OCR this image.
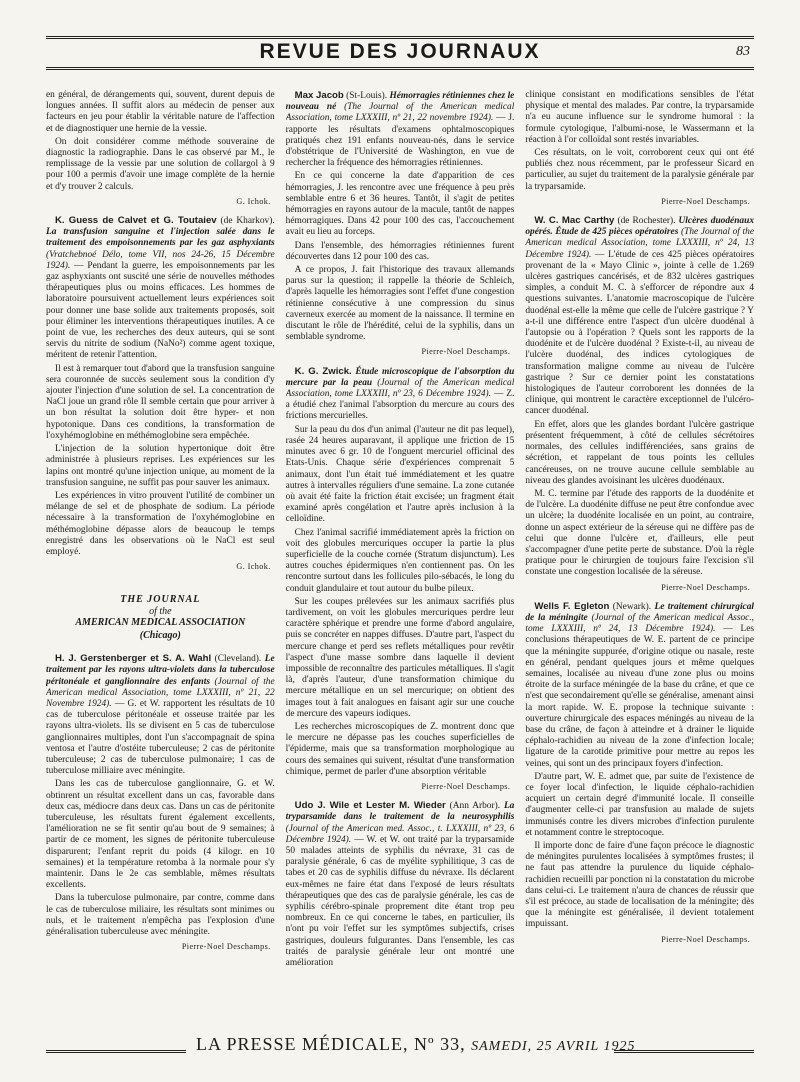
REVUE DES JOURNAUX	83

en général, de dérangements qui, souvent, durent depuis de longues années. Il suffit alors au médecin de penser aux facteurs en jeu pour établir la véritable nature de l'affection et de diagnostiquer une hernie de la vessie.

On doit considérer comme méthode souveraine de diagnostic la radiographie. Dans le cas observé par M., le remplissage de la vessie par une solution de collargol à 9 pour 100 a permis d'avoir une image complète de la hernie et d'y trouver 2 calculs.

G. Ichok.

K. Guess de Calvet et G. Toutaiev (de Kharkov). La transfusion sanguine et l'injection salée dans le traitement des empoisonnements par les gaz asphyxiants (Vratchebnoé Délo, tome VII, nos 24-26, 15 Décembre 1924). — Pendant la guerre, les empoisonnements par les gaz asphyxiants ont suscité une série de nouvelles méthodes thérapeutiques plus ou moins efficaces. Les hommes de laboratoire poursuivent actuellement leurs expériences soit pour donner une base solide aux traitements proposés, soit pour éliminer les interventions thérapeutiques inutiles. A ce point de vue, les recherches des deux auteurs, qui se sont servis du nitrite de sodium (NaNo²) comme agent toxique, méritent de retenir l'attention.

Il est à remarquer tout d'abord que la transfusion sanguine sera couronnée de succès seulement sous la condition d'y ajouter l'injection d'une solution de sel. La concentration de NaCl joue un grand rôle Il semble certain que pour arriver à un bon résultat la solution doit être hyper- et non hypotonique. Dans ces conditions, la transformation de l'oxyhémoglobine en méthémoglobine sera empêchée.

L'injection de la solution hypertonique doit être administrée à plusieurs reprises. Les expériences sur les lapins ont montré qu'une injection unique, au moment de la transfusion sanguine, ne suffit pas pour sauver les animaux.

Les expériences in vitro prouvent l'utilité de combiner un mélange de sel et de phosphate de sodium. La période nécessaire à la transformation de l'oxyhémoglobine en méthémoglobine dépasse alors de beaucoup le temps enregistré dans les observations où le NaCl est seul employé.

G. Ichok.
THE JOURNAL
of the
AMERICAN MEDICAL ASSOCIATION
(Chicago)

H. J. Gerstenberger et S. A. Wahl (Cleveland). Le traitement par les rayons ultra-violets dans la tuberculose péritonéale et ganglionnaire des enfants (Journal of the American medical Association, tome LXXXIII, nº 21, 22 Novembre 1924). — G. et W. rapportent les résultats de 10 cas de tuberculose péritonéale et osseuse traitée par les rayons ultra-violets. Ils se divisent en 5 cas de tuberculose ganglionnaires multiples, dont l'un s'accompagnait de spina ventosa et l'autre d'ostéite tuberculeuse; 2 cas de péritonite tuberculeuse; 2 cas de tuberculose pulmonaire; 1 cas de tuberculose milliaire avec méningite.

Dans les cas de tuberculose ganglionnaire, G. et W. obtinrent un résultat excellent dans un cas, favorable dans deux cas, médiocre dans deux cas. Dans un cas de péritonite tuberculeuse, les résultats furent également excellents, l'amélioration ne se fit sentir qu'au bout de 9 semaines; à partir de ce moment, les signes de péritonite tuberculeuse disparurent; l'enfant reprit du poids (4 kilogr. en 10 semaines) et la température retomba à la normale pour s'y maintenir. Dans le 2e cas semblable, mêmes résultats excellents.

Dans la tuberculose pulmonaire, par contre, comme dans le cas de tuberculose miliaire, les résultats sont minimes ou nuls, et le traitement n'empêcha pas l'explosion d'une généralisation tuberculeuse avec méningite.

Pierre-Noel Deschamps.

Max Jacob (St-Louis). Hémorragies rétiniennes chez le nouveau né (The Journal of the American medical Association, tome LXXXIII, nº 21, 22 novembre 1924). — J. rapporte les résultats d'examens ophtalmoscopiques pratiqués chez 191 enfants nouveau-nés, dans le service d'obstétrique de l'Université de Washington, en vue de rechercher la fréquence des hémorragies rétiniennes.

En ce qui concerne la date d'apparition de ces hémorragies, J. les rencontre avec une fréquence à peu près semblable entre 6 et 36 heures. Tantôt, il s'agit de petites hémorragies en rayons autour de la macule, tantôt de nappes hémorragiques. Dans 42 pour 100 des cas, l'accouchement avait eu lieu au forceps.

Dans l'ensemble, des hémorragies rétiniennes furent découvertes dans 12 pour 100 des cas.

A ce propos, J. fait l'historique des travaux allemands parus sur la question; il rappelle la théorie de Schleich, d'après laquelle les hémorragies sont l'effet d'une congestion rétinienne consécutive à une compression du sinus caverneux exercée au moment de la naissance. Il termine en discutant le rôle de l'hérédité, celui de la syphilis, dans un semblable syndrome.

Pierre-Noel Deschamps.

K. G. Zwick. Étude microscopique de l'absorption du mercure par la peau (Journal of the American medical Association, tome LXXXIII, nº 23, 6 Décembre 1924). — Z. a étudié chez l'animal l'absorption du mercure au cours des frictions mercurielles.

Sur la peau du dos d'un animal (l'auteur ne dit pas lequel), rasée 24 heures auparavant, il applique une friction de 15 minutes avec 6 gr. 10 de l'onguent mercuriel officinal des Etats-Unis. Chaque série d'expériences comprenait 5 animaux, dont l'un était tué immédiatement et les quatre autres à intervalles réguliers d'une semaine. La zone cutanée où avait été faite la friction était excisée; un fragment était examiné après congélation et l'autre après inclusion à la celloïdine.

Chez l'animal sacrifié immédiatement après la friction on voit des globules mercuriques occuper la partie la plus superficielle de la couche cornée (Stratum disjunctum). Les autres couches épidermiques n'en contiennent pas. On les rencontre surtout dans les follicules pilo-sébacés, le long du conduit glandulaire et tout autour du bulbe pileux.

Sur les coupes prélevées sur les animaux sacrifiés plus tardivement, on voit les globules mercuriques perdre leur caractère sphérique et prendre une forme d'abord angulaire, puis se concréter en nappes diffuses. D'autre part, l'aspect du mercure change et perd ses reflets métalliques pour revêtir l'aspect d'une masse sombre dans laquelle il devient impossible de reconnaître des particules métalliques. Il s'agit là, d'après l'auteur, d'une transformation chimique du mercure métallique en un sel mercurique; on obtient des images tout à fait analogues en faisant agir sur une couche de mercure des vapeurs iodiques.

Les recherches microscopiques de Z. montrent donc que le mercure ne dépasse pas les couches superficielles de l'épiderme, mais que sa transformation morphologique au cours des semaines qui suivent, résultat d'une transformation chimique, permet de parler d'une absorption véritable

Pierre-Noel Deschamps.

Udo J. Wile et Lester M. Wieder (Ann Arbor). La tryparsamide dans le traitement de la neurosyphilis (Journal of the American med. Assoc., t. LXXXIII, nº 23, 6 Décembre 1924). — W. et W. ont traité par la tryparsamide 50 malades atteints de syphilis du névraxe, 31 cas de paralysie générale, 6 cas de myélite syphilitique, 3 cas de tabes et 20 cas de syphilis diffuse du névraxe. Ils déclarent eux-mêmes ne faire état dans l'exposé de leurs résultats thérapeutiques que des cas de paralysie générale, les cas de syphilis cérébro-spinale proprement dite étant trop peu nombreux. En ce qui concerne le tabes, en particulier, ils n'ont pu voir l'effet sur les symptômes subjectifs, crises gastriques, douleurs fulgurantes. Dans l'ensemble, les cas traités de paralysie générale leur ont montré une amélioration

clinique consistant en modifications sensibles de l'état physique et mental des malades. Par contre, la tryparsamide n'a eu aucune influence sur le syndrome humoral : la formule cytologique, l'albumi-nose, le Wassermann et la réaction à l'or colloïdal sont restés invariables.

Ces résultats, on le voit, corroborent ceux qui ont été publiés chez nous récemment, par le professeur Sicard en particulier, au sujet du traitement de la paralysie générale par la tryparsamide.

Pierre-Noel Deschamps.

W. C. Mac Carthy (de Rochester). Ulcères duodénaux opérés. Étude de 425 pièces opératoires (The Journal of the American medical Association, tome LXXXIII, nº 24, 13 Décembre 1924). — L'étude de ces 425 pièces opératoires provenant de la « Mayo Clinic », jointe à celle de 1.269 ulcères gastriques cancérisés, et de 832 ulcères gastriques simples, a conduit M. C. à s'efforcer de répondre aux 4 questions suivantes. L'anatomie macroscopique de l'ulcère duodénal est-elle la même que celle de l'ulcère gastrique ? Y a-t-il une différence entre l'aspect d'un ulcère duodénal à l'autopsie ou à l'opération ? Quels sont les rapports de la duodénite et de l'ulcère duodénal ? Existe-t-il, au niveau de l'ulcère duodénal, des indices cytologiques de transformation maligne comme au niveau de l'ulcère gastrique ? Sur ce dernier point les constatations histologiques de l'auteur corroborent les données de la clinique, qui montrent le caractère exceptionnel de l'ulcéro-cancer duodénal.

En effet, alors que les glandes bordant l'ulcère gastrique présentent fréquemment, à côté de cellules sécrétoires normales, des cellules indifférenciées, sans grains de sécrétion, et rappelant de tous points les cellules cancéreuses, on ne trouve aucune cellule semblable au niveau des glandes avoisinant les ulcères duodénaux.

M. C. termine par l'étude des rapports de la duodénite et de l'ulcère. La duodénite diffuse ne peut être confondue avec un ulcère; la duodénite localisée en un point, au contraire, donne un aspect extérieur de la séreuse qui ne diffère pas de celui que donne l'ulcère et, d'ailleurs, elle peut s'accompagner d'une petite perte de substance. D'où la règle pratique pour le chirurgien de toujours faire l'excision s'il constate une congestion localisée de la séreuse.

Pierre-Noel Deschamps.

Wells F. Egleton (Newark). Le traitement chirurgical de la méningite (Journal of the American medical Assoc., tome LXXXIII, nº 24, 13 Décembre 1924). — Les conclusions thérapeutiques de W. E. partent de ce principe que la méningite suppurée, d'origine otique ou nasale, reste en général, pendant quelques jours et même quelques semaines, localisée au niveau d'une zone plus ou moins étroite de la surface méningée de la base du crâne, et que ce n'est que secondairement qu'elle se généralise, amenant ainsi la mort rapide. W. E. propose la technique suivante : ouverture chirurgicale des espaces méningés au niveau de la base du crâne, de façon à atteindre et à drainer le liquide céphalo-rachidien au niveau de la zone d'infection locale; ligature de la carotide primitive pour mettre au repos les veines, qui sont un des principaux foyers d'infection.

D'autre part, W. E. admet que, par suite de l'existence de ce foyer local d'infection, le liquide céphalo-rachidien acquiert un certain degré d'immunité locale. Il conseille d'augmenter celle-ci par transfusion au malade de sujets immunisés contre les divers microbes d'infection purulente et notamment contre le streptocoque.

Il importe donc de faire d'une façon précoce le diagnostic de méningites purulentes localisées à symptômes frustes; il ne faut pas attendre la purulence du liquide céphalo-rachidien recueilli par ponction ni la constatation du microbe dans celui-ci. Le traitement n'aura de chances de réussir que s'il est précoce, au stade de localisation de la méningite; dès que la méningite est généralisée, il devient totalement impuissant.

Pierre-Noel Deschamps.
LA PRESSE MÉDICALE, Nº 33, SAMEDI, 25 AVRIL 1925
